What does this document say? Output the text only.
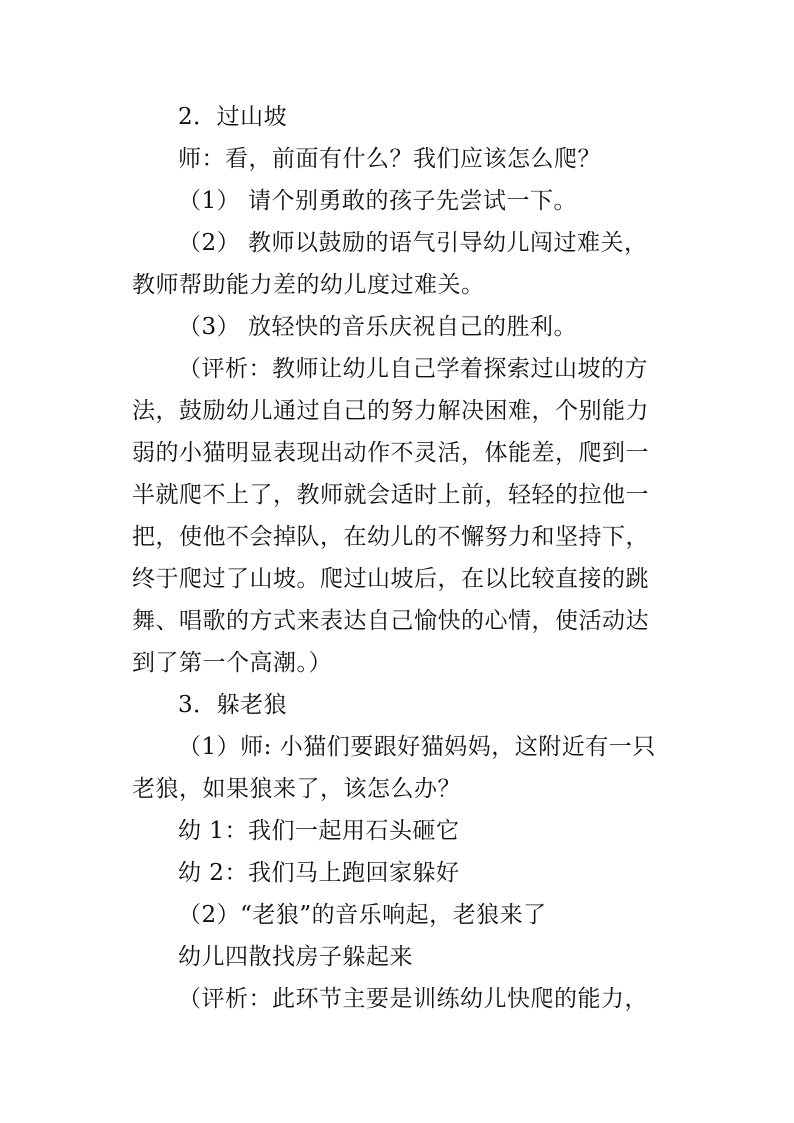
2．过山坡
师：看，前面有什么？我们应该怎么爬？
（1） 请个别勇敢的孩子先尝试一下。
（2） 教师以鼓励的语气引导幼儿闯过难关，
教师帮助能力差的幼儿度过难关。
（3） 放轻快的音乐庆祝自己的胜利。
（评析：教师让幼儿自己学着探索过山坡的方
法，鼓励幼儿通过自己的努力解决困难，个别能力
弱的小猫明显表现出动作不灵活，体能差，爬到一
半就爬不上了，教师就会适时上前，轻轻的拉他一
把，使他不会掉队，在幼儿的不懈努力和坚持下，
终于爬过了山坡。爬过山坡后，在以比较直接的跳
舞、唱歌的方式来表达自己愉快的心情，使活动达
到了第一个高潮。）
3．躲老狼
（1）师: 小猫们要跟好猫妈妈，这附近有一只
老狼，如果狼来了，该怎么办？
幼 1：我们一起用石头砸它
幼 2：我们马上跑回家躲好
（2）“老狼”的音乐响起，老狼来了
幼儿四散找房子躲起来
（评析：此环节主要是训练幼儿快爬的能力，
